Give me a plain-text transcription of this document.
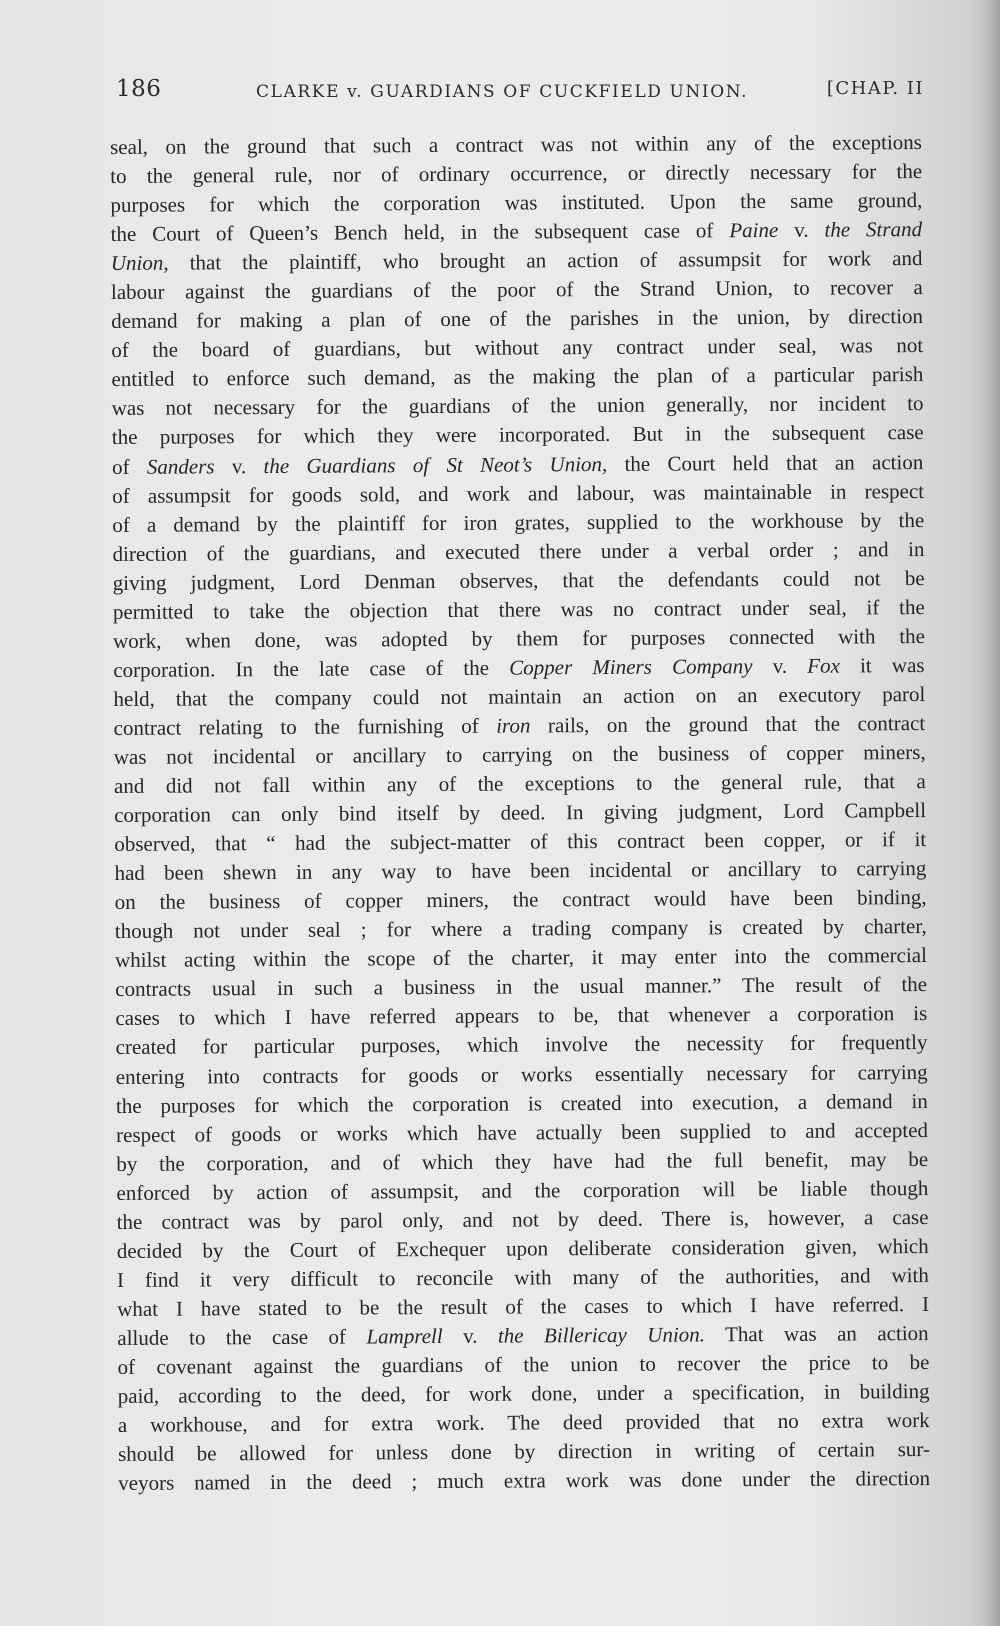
186	CLARKE v. GUARDIANS OF CUCKFIELD UNION.	[CHAP. II
seal, on the ground that such a contract was not within any of the exceptions
to the general rule, nor of ordinary occurrence, or directly necessary for the
purposes for which the corporation was instituted. Upon the same ground,
the Court of Queen’s Bench held, in the subsequent case of Paine v. the Strand
Union, that the plaintiff, who brought an action of assumpsit for work and
labour against the guardians of the poor of the Strand Union, to recover a
demand for making a plan of one of the parishes in the union, by direction
of the board of guardians, but without any contract under seal, was not
entitled to enforce such demand, as the making the plan of a particular parish
was not necessary for the guardians of the union generally, nor incident to
the purposes for which they were incorporated. But in the subsequent case
of Sanders v. the Guardians of St Neot’s Union, the Court held that an action
of assumpsit for goods sold, and work and labour, was maintainable in respect
of a demand by the plaintiff for iron grates, supplied to the workhouse by the
direction of the guardians, and executed there under a verbal order ; and in
giving judgment, Lord Denman observes, that the defendants could not be
permitted to take the objection that there was no contract under seal, if the
work, when done, was adopted by them for purposes connected with the
corporation. In the late case of the Copper Miners Company v. Fox it was
held, that the company could not maintain an action on an executory parol
contract relating to the furnishing of iron rails, on the ground that the contract
was not incidental or ancillary to carrying on the business of copper miners,
and did not fall within any of the exceptions to the general rule, that a
corporation can only bind itself by deed. In giving judgment, Lord Campbell
observed, that “ had the subject-matter of this contract been copper, or if it
had been shewn in any way to have been incidental or ancillary to carrying
on the business of copper miners, the contract would have been binding,
though not under seal ; for where a trading company is created by charter,
whilst acting within the scope of the charter, it may enter into the commercial
contracts usual in such a business in the usual manner.” The result of the
cases to which I have referred appears to be, that whenever a corporation is
created for particular purposes, which involve the necessity for frequently
entering into contracts for goods or works essentially necessary for carrying
the purposes for which the corporation is created into execution, a demand in
respect of goods or works which have actually been supplied to and accepted
by the corporation, and of which they have had the full benefit, may be
enforced by action of assumpsit, and the corporation will be liable though
the contract was by parol only, and not by deed. There is, however, a case
decided by the Court of Exchequer upon deliberate consideration given, which
I find it very difficult to reconcile with many of the authorities, and with
what I have stated to be the result of the cases to which I have referred. I
allude to the case of Lamprell v. the Billericay Union. That was an action
of covenant against the guardians of the union to recover the price to be
paid, according to the deed, for work done, under a specification, in building
a workhouse, and for extra work. The deed provided that no extra work
should be allowed for unless done by direction in writing of certain sur-
veyors named in the deed ; much extra work was done under the direction
